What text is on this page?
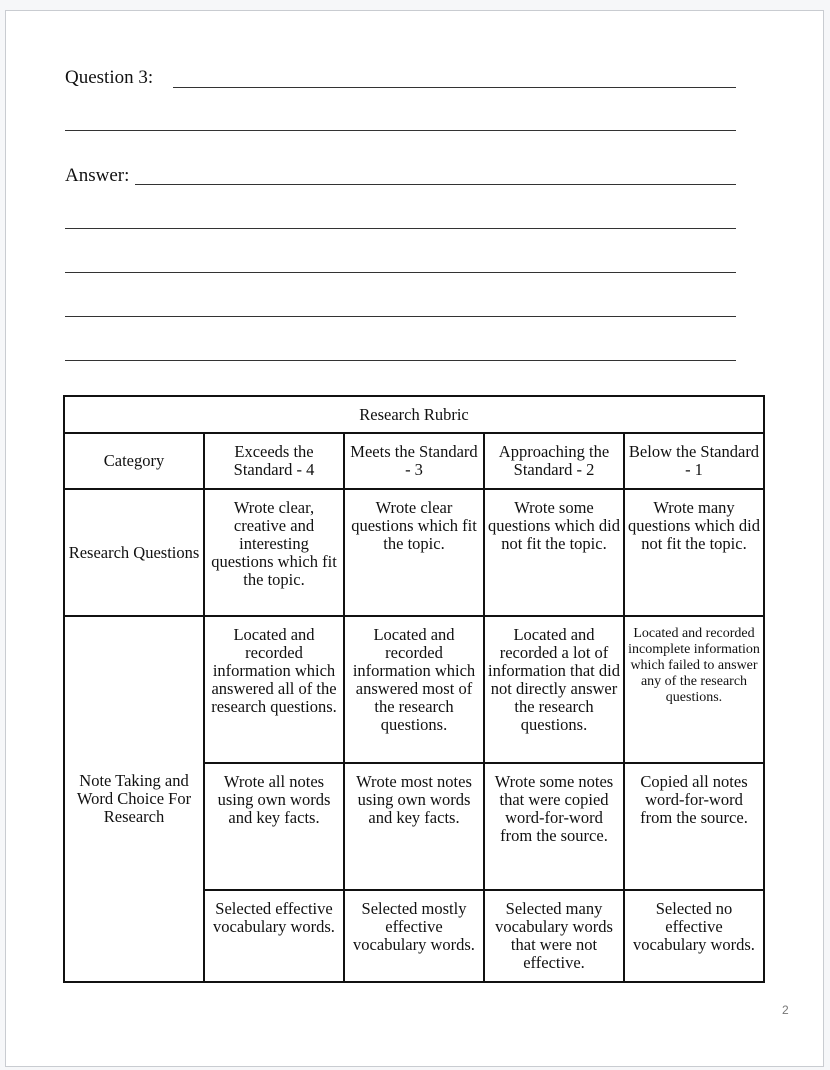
Question 3:
Answer:
Research Rubric				
Category	Exceeds the Standard - 4	Meets the Standard - 3	Approaching the Standard - 2	Below the Standard - 1
Research Questions	Wrote clear, creative and interesting questions which fit the topic.	Wrote clear questions which fit the topic.	Wrote some questions which did not fit the topic.	Wrote many questions which did not fit the topic.
Note Taking and Word Choice For Research	Located and recorded information which answered all of the research questions.	Located and recorded information which answered most of the research questions.	Located and recorded a lot of information that did not directly answer the research questions.	Located and recorded incomplete information which failed to answer any of the research questions.
	Wrote all notes using own words and key facts.	Wrote most notes using own words and key facts.	Wrote some notes that were copied word-for-word from the source.	Copied all notes word-for-word from the source.
	Selected effective vocabulary words.	Selected mostly effective vocabulary words.	Selected many vocabulary words that were not effective.	Selected no effective vocabulary words.
2
